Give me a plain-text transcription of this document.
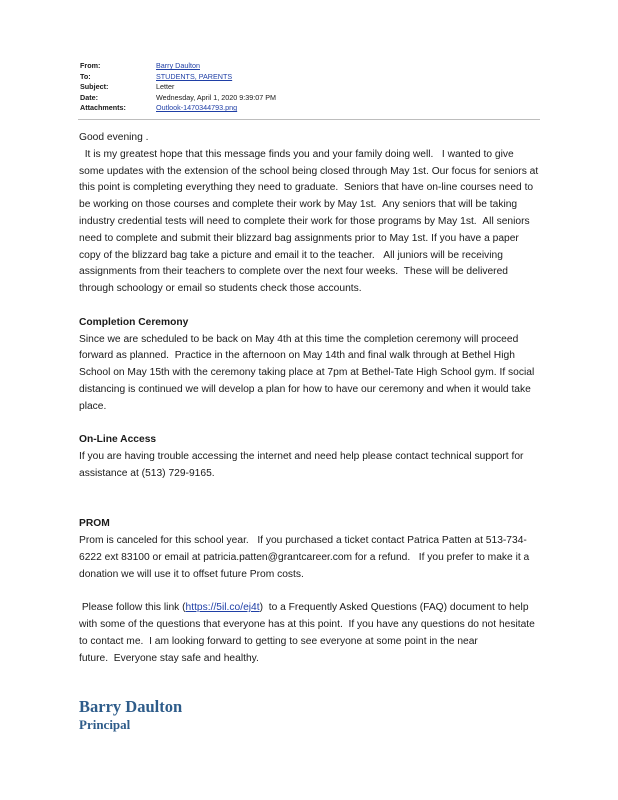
From:	Barry Daulton
To:	STUDENTS, PARENTS
Subject:	Letter
Date:	Wednesday, April 1, 2020 9:39:07 PM
Attachments:	Outlook-1470344793.png

Good evening .

It is my greatest hope that this message finds you and your family doing well.   I wanted to give some updates with the extension of the school being closed through May 1st. Our focus for seniors at this point is completing everything they need to graduate.  Seniors that have on-line courses need to be working on those courses and complete their work by May 1st.  Any seniors that will be taking industry credential tests will need to complete their work for those programs by May 1st.  All seniors need to complete and submit their blizzard bag assignments prior to May 1st. If you have a paper copy of the blizzard bag take a picture and email it to the teacher.   All juniors will be receiving assignments from their teachers to complete over the next four weeks.  These will be delivered through schoology or email so students check those accounts.

Completion Ceremony

Since we are scheduled to be back on May 4th at this time the completion ceremony will proceed forward as planned.  Practice in the afternoon on May 14th and final walk through at Bethel High School on May 15th with the ceremony taking place at 7pm at Bethel-Tate High School gym. If social distancing is continued we will develop a plan for how to have our ceremony and when it would take place.

On-Line Access

If you are having trouble accessing the internet and need help please contact technical support for assistance at (513) 729-9165.

PROM

Prom is canceled for this school year.   If you purchased a ticket contact Patrica Patten at 513-734-6222 ext 83100 or email at patricia.patten@grantcareer.com for a refund.   If you prefer to make it a donation we will use it to offset future Prom costs.

Please follow this link (https://5il.co/ej4t)  to a Frequently Asked Questions (FAQ) document to help with some of the questions that everyone has at this point.  If you have any questions do not hesitate to contact me.  I am looking forward to getting to see everyone at some point in the near future.  Everyone stay safe and healthy.

Barry Daulton
Principal
